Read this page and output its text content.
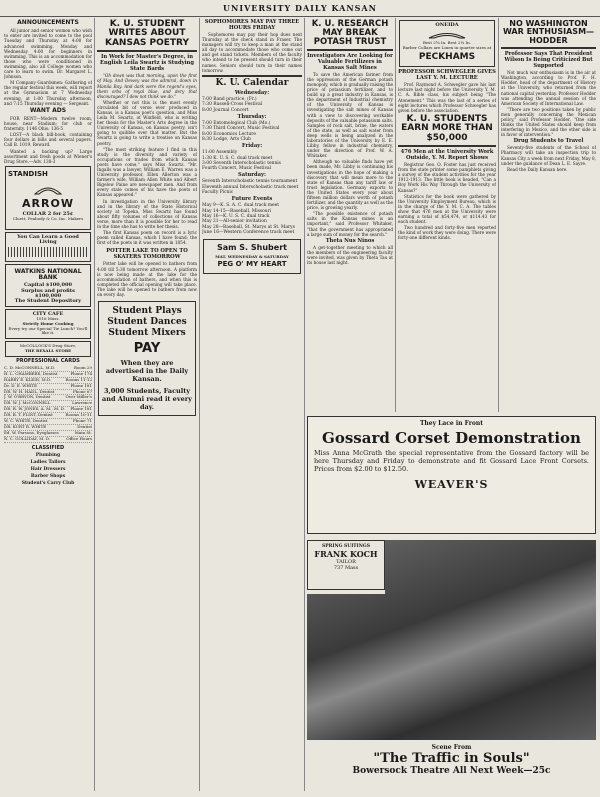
UNIVERSITY DAILY KANSAN
ANNOUNCEMENTS

All junior and senior women who wish to enter are invited to come to the pool Tuesday and Thursday at 4:00 for advanced swimming. Monday and Wednesday 4:00 for beginners in swimming. This is an accommodation for those who were conditioned in swimming, also all College women who care to learn to swim. Dr. Margaret L. Johnson.

M Company Guardsmen: Gathering of the regular festival this week, will report at the Gymnasium at 7 Wednesday evening, at 1:00 Thursday afternoon, and 7:15 Thursday evening — Sergeant.

WANT ADS

FOR RENT—Modern twelve room, house, near Stadium; for club or fraternity. 1146 Ohio. 136-5

LOST—A black bill-book, containing four dollars in bills and several papers. Call B. 1019. Reward.

Wanted a backing up? Large assortment and fresh goods at Wiener's Drug Store.—Adv. 138-3

STANDISH
ARROW
COLLAR 2 for 25¢
Cluett, Peabody & Co. Inc. Makers
You Can Learn a Good Living
WATKINS NATIONAL BANK
Capital $100,000
Surplus and profits $100,000
The Student Depository
CITY CAFE
1016 Mass.
Strictly Home Cooking
Every try our Special Tie Lunch? You'll like it.
McCOLLOCK'S Drug Store,
THE REXALL STORE
PROFESSIONAL CARDS
C. D. McCONNELL, M.D.	Room 29
H. L. CHAMBERS, Dentist	Phone 174
HARRY E. KLEIN, M.D.	Rooms 11-12
Dr. D. E. WHITE	Phone 181
DR. W. H. HADL, Dentist	Phone 67
J. W. O'BRYON, Dentist	Over Miller's
DR. W. J. McCONNELL	Lawrence
DR. R. W. JONES, A. M., M. D. Phone 181
DR. B. T. FLINT, Dentist	Rooms 10-11
W. C. WHITE, Dentist	Phone 71
DR. KURT R. WHITE	Dentist
Ed. W. Parsons, Eyeglasses	Main St.
N. C. GOLLIDAY, M. D.	Office Hours
CLASSIFIED
Plumbing
Ladies Tailors
Hair Dressers
Barber Shops
Student's Carry Club
K. U. STUDENT WRITES ABOUT KANSAS POETRY
In Work for Master's Degree, in English Leila Swartz is Studying State Bards

"Oh down was that morning, upon the first of May. And Dewey was the admiral, down in Manila Bay. And dark were the regent's eyes, them orbs of royal blue, and dery that discouraged? I dew not think we do."

Whether or not this is the most evenly circulated bit of verse ever produced in Kansas, is a Kansas poet's question, and Miss Leila M. Swartz, of Winfield, who is writing her thesis for the Master's Arts degree in the University of Kansas, on Kansas poetry, isn't going to quibble over that matter. But the Swartz is going to write a treatise on Kansas poetry.

"The most striking feature I find in this study is the diversity and variety of occupations or trades from which Kansas poets have come," says Miss Swartz. "Mr. Ingalls was a lawyer, William E. Warren was a University professor, Ellen Allerton was a farmer's wife, William Allen White and Albert Bigelow Paine are newspaper men. And from every state comes of his have the poets of Kansas appeared."

In investigation in the University library and in the library of the State Historical society at Topeka, Miss Swartz has found about fifty volumes of collections of Kansas verse, more than it is possible for her to read in the time she has to write her thesis.

The first Kansas poem on record is a lyric poem called Kansas, which I have found; the first of the poets in it was written in 1854.

POTTER LAKE TO OPEN TO SKATERS TOMORROW

Potter lake will be opened to bathers from 4:00 till 5:30 tomorrow afternoon. A platform is now being made at the lake for the accommodation of bathers, and when this is completed the official opening will take place. The lake will be opened to bathers from now on every day.

Student Plays
Student Dances
Student Mixers
PAY
When they are advertised in the Daily Kansan.
3,000 Students, Faculty and Alumni read it every day.
SOPHOMORES MAY PAY THREE HOURS FRIDAY

Sophomores may pay their hop dues next Thursday at the check stand in Fraser. The managers will try to keep a man at the stand all day to accommodate those who come out and get stand tickets. Members of the faculty who intend to be present should turn in their names. Seniors should turn in their names tomorrow.

K. U. Calendar
Wednesday:
7:00 Band practice, (Fr.)
7:30 Russell-Cross Festival
8:00 Journal Concert
Thursday:
7:00 Entomological Club (Mo.)
7:30 Third Concert, Music Festival
8:00 Economics Lecture
8:30 Lodge, Arts Club
Friday:
11:00 Assembly
1:30 K. U. S. C. dual track meet
3:00 Seventh Interscholastic tennis
Fourth Concert, Music Festival
Saturday:
Seventh Interscholastic tennis tournament
Eleventh annual Interscholastic track meet
Faculty Picnic
Future Events
May 9—K. S. A. C. dual track meet
May 14-15—Baseball, Missouri
May 16—K. U. S. C. dual track
May 21—All-senior invitation
May 28—Baseball, St. Marys at St. Marys
June 16—Western Conference track meet
Sam S. Shubert
MAT. WEDNESDAY & SATURDAY
PEG O' MY HEART
K. U. RESEARCH MAY BREAK POTASH TRUST
Investigators Are Looking for Valuable Fertilizers in Kansas Salt Mines

To save the American farmer from the oppression of the German potash monopoly, which is gradually raising the price of potassium fertilizer, and to build up a great industry in Kansas, is the department of Industrial chemistry of the University of Kansas is investigating the salt mines of Kansas with a view to discovering workable deposits of the valuable potassium salts. Samples of rock salt, brine, the waters of the state, as well as salt water from deep wells is being analyzed in the laboratories of the University by E. E. Libby, fellow in industrial chemistry, under the direction of Prof. W. A. Whitaker.

Although no valuable finds have yet been made, Mr. Libby is continuing his investigations in the hope of making a discovery that will mean more to the state of Kansas than any tariff law or trust legislation. Germany exports to the United States every year about fifteen million dollars worth of potash fertilizer, and the quantity as well as the price, is growing yearly.

"The possible existence of potash salts in the Kansas mines is an important," said Professor Whitaker, "that the government has appropriated a large sum of money for the search."

Theta Nus Ninos

A get-together meeting to which all the members of the engineering faculty were invited, was given by Theta Tau at its house last night.

ONEIDA
Best 2¾ In. Best 2¼ In.
Barber Collars are Linen in quarter sizes at
PECKHAMS
PROFESSOR SCHWEGLER GIVES LAST Y. M. LECTURE

Prof. Raymond A. Schwegler gave his last lecture last night before the University Y. M. C. A. Bible class, his subject being "The Atonement." This was the last of a series of eight lectures which Professor Schwegler has given before the association.

K. U. STUDENTS EARN MORE THAN $50,000
476 Men at the University Work Outside, Y. M. Report Shows

Registrar Geo. O. Foster has just received from the state printer some pamphlets giving a survey of the student activities for the year 1912-1913. The little book is headed, "Can a Boy Work His Way Through the University of Kansas?"

Statistics for the book were gathered by the University Employment Bureau, which is in the charge of the Y. M. C. A. The tables show that 476 men at the University were earning a total of $54,474, or $114.43 for each student.

Two hundred and forty-five men reported the kind of work they were doing. There were forty-one different kinds.

NO WASHINGTON WAR ENTHUSIASM—HODDER
Professor Says That President Wilson Is Being Criticized But Supported

Not much war enthusiasm is in the air at Washington, according to Prof. F. H. Hodder, head of the department of History at the University, who returned from the national capital yesterday. Professor Hodder was attending the annual session of the American Society of International Law.

"There are two positions taken by public men generally concerning the Mexican policy," said Professor Hodder. "One side thinks the United States should keep from interfering in Mexico, and the other side is in favor of intervention."

Drug Students to Travel

Seventy-five students of the School of Pharmacy will take an inspection trip to Kansas City a week from next Friday, May 8, under the guidance of Dean L. E. Sayre.

Read the Daily Kansan here.

They Lace in Front
Gossard Corset Demonstration
Miss Anna McGrath the special representative from the Gossard factory will be here Thursday and Friday to demonstrate and fit Gossard Lace Front Corsets. Prices from $2.00 to $12.50.
WEAVER'S
SPRING SUITINGS
FRANK KOCH
TAILOR
737 Mass
Scene From
"The Traffic in Souls"
Bowersock Theatre All Next Week—25c
